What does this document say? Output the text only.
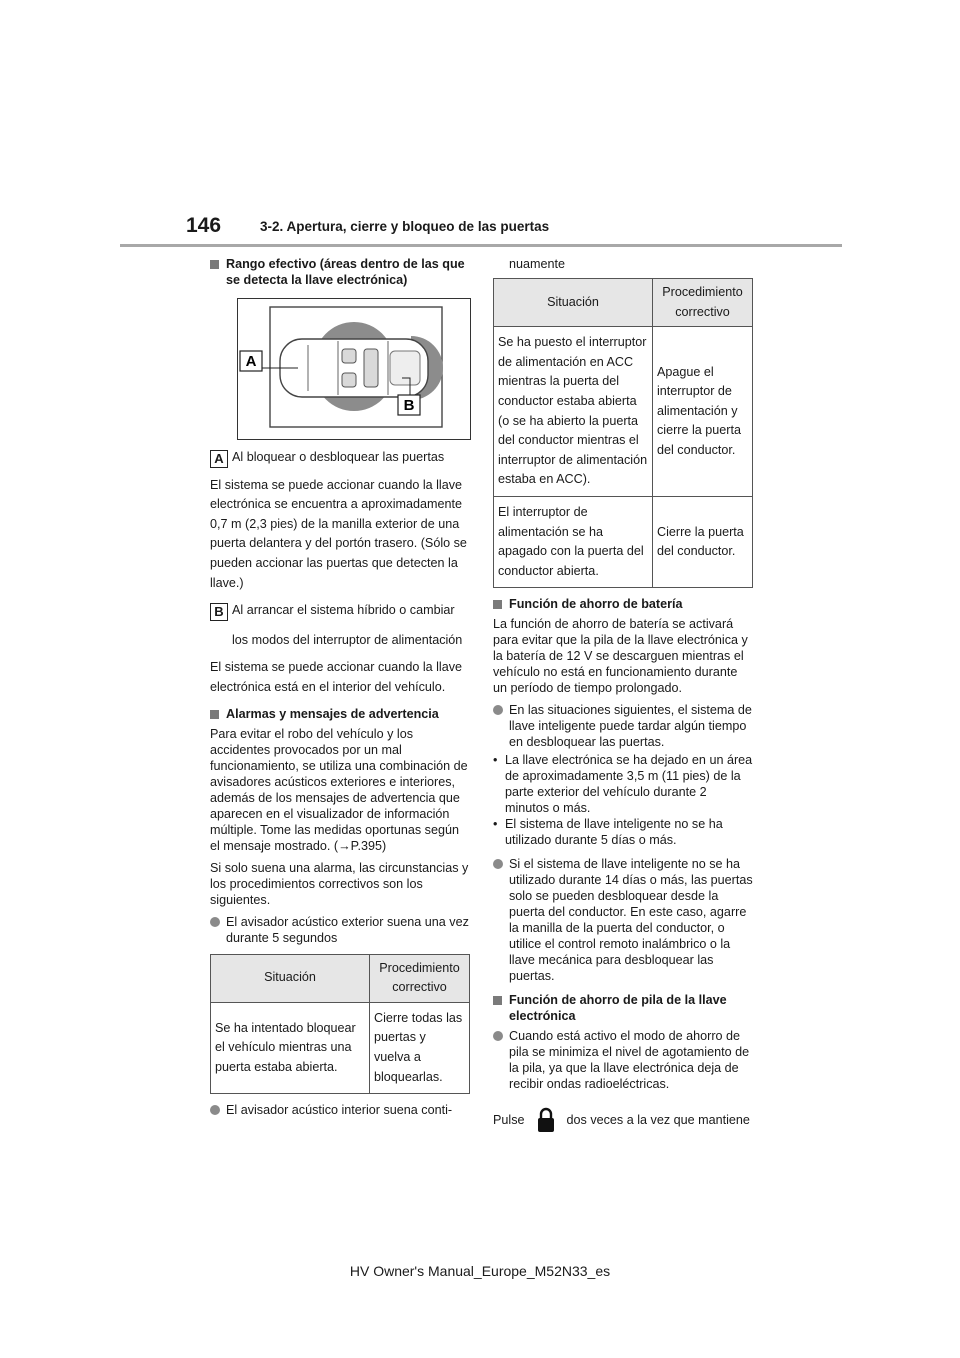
146	3-2. Apertura, cierre y bloqueo de las puertas
Rango efectivo (áreas dentro de las que se detecta la llave electrónica)
A
B
A Al bloquear o desbloquear las puertas

El sistema se puede accionar cuando la llave electrónica se encuentra a aproximadamente 0,7 m (2,3 pies) de la manilla exterior de una puerta delantera y del portón trasero. (Sólo se pueden accionar las puertas que detecten la llave.)

B Al arrancar el sistema híbrido o cambiar
los modos del interruptor de alimentación

El sistema se puede accionar cuando la llave electrónica está en el interior del vehículo.

Alarmas y mensajes de advertencia

Para evitar el robo del vehículo y los accidentes provocados por un mal funcionamiento, se utiliza una combinación de avisadores acústicos exteriores e interiores, además de los mensajes de advertencia que aparecen en el visualizador de información múltiple. Tome las medidas oportunas según el mensaje mostrado. (→P.395)

Si solo suena una alarma, las circunstancias y los procedimientos correctivos son los siguientes.

El avisador acústico exterior suena una vez durante 5 segundos
Situación	Procedimiento correctivo
Se ha intentado bloquear el vehículo mientras una puerta estaba abierta.	Cierre todas las puertas y vuelva a bloquearlas.
El avisador acústico interior suena conti-

nuamente

Situación	Procedimiento correctivo
Se ha puesto el interruptor de alimentación en ACC mientras la puerta del conductor estaba abierta (o se ha abierto la puerta del conductor mientras el interruptor de alimentación estaba en ACC).	Apague el interruptor de alimentación y cierre la puerta del conductor.
El interruptor de alimentación se ha apagado con la puerta del conductor abierta.	Cierre la puerta del conductor.
Función de ahorro de batería

La función de ahorro de batería se activará para evitar que la pila de la llave electrónica y la batería de 12 V se descarguen mientras el vehículo no está en funcionamiento durante un período de tiempo prolongado.

En las situaciones siguientes, el sistema de llave inteligente puede tardar algún tiempo en desbloquear las puertas.
• La llave electrónica se ha dejado en un área de aproximadamente 3,5 m (11 pies) de la parte exterior del vehículo durante 2 minutos o más.
• El sistema de llave inteligente no se ha utilizado durante 5 días o más.
Si el sistema de llave inteligente no se ha utilizado durante 14 días o más, las puertas solo se pueden desbloquear desde la puerta del conductor. En este caso, agarre la manilla de la puerta del conductor, o utilice el control remoto inalámbrico o la llave mecánica para desbloquear las puertas.
Función de ahorro de pila de la llave electrónica
Cuando está activo el modo de ahorro de pila se minimiza el nivel de agotamiento de la pila, ya que la llave electrónica deja de recibir ondas radioeléctricas.
Pulse	dos veces a la vez que mantiene
HV Owner's Manual_Europe_M52N33_es
